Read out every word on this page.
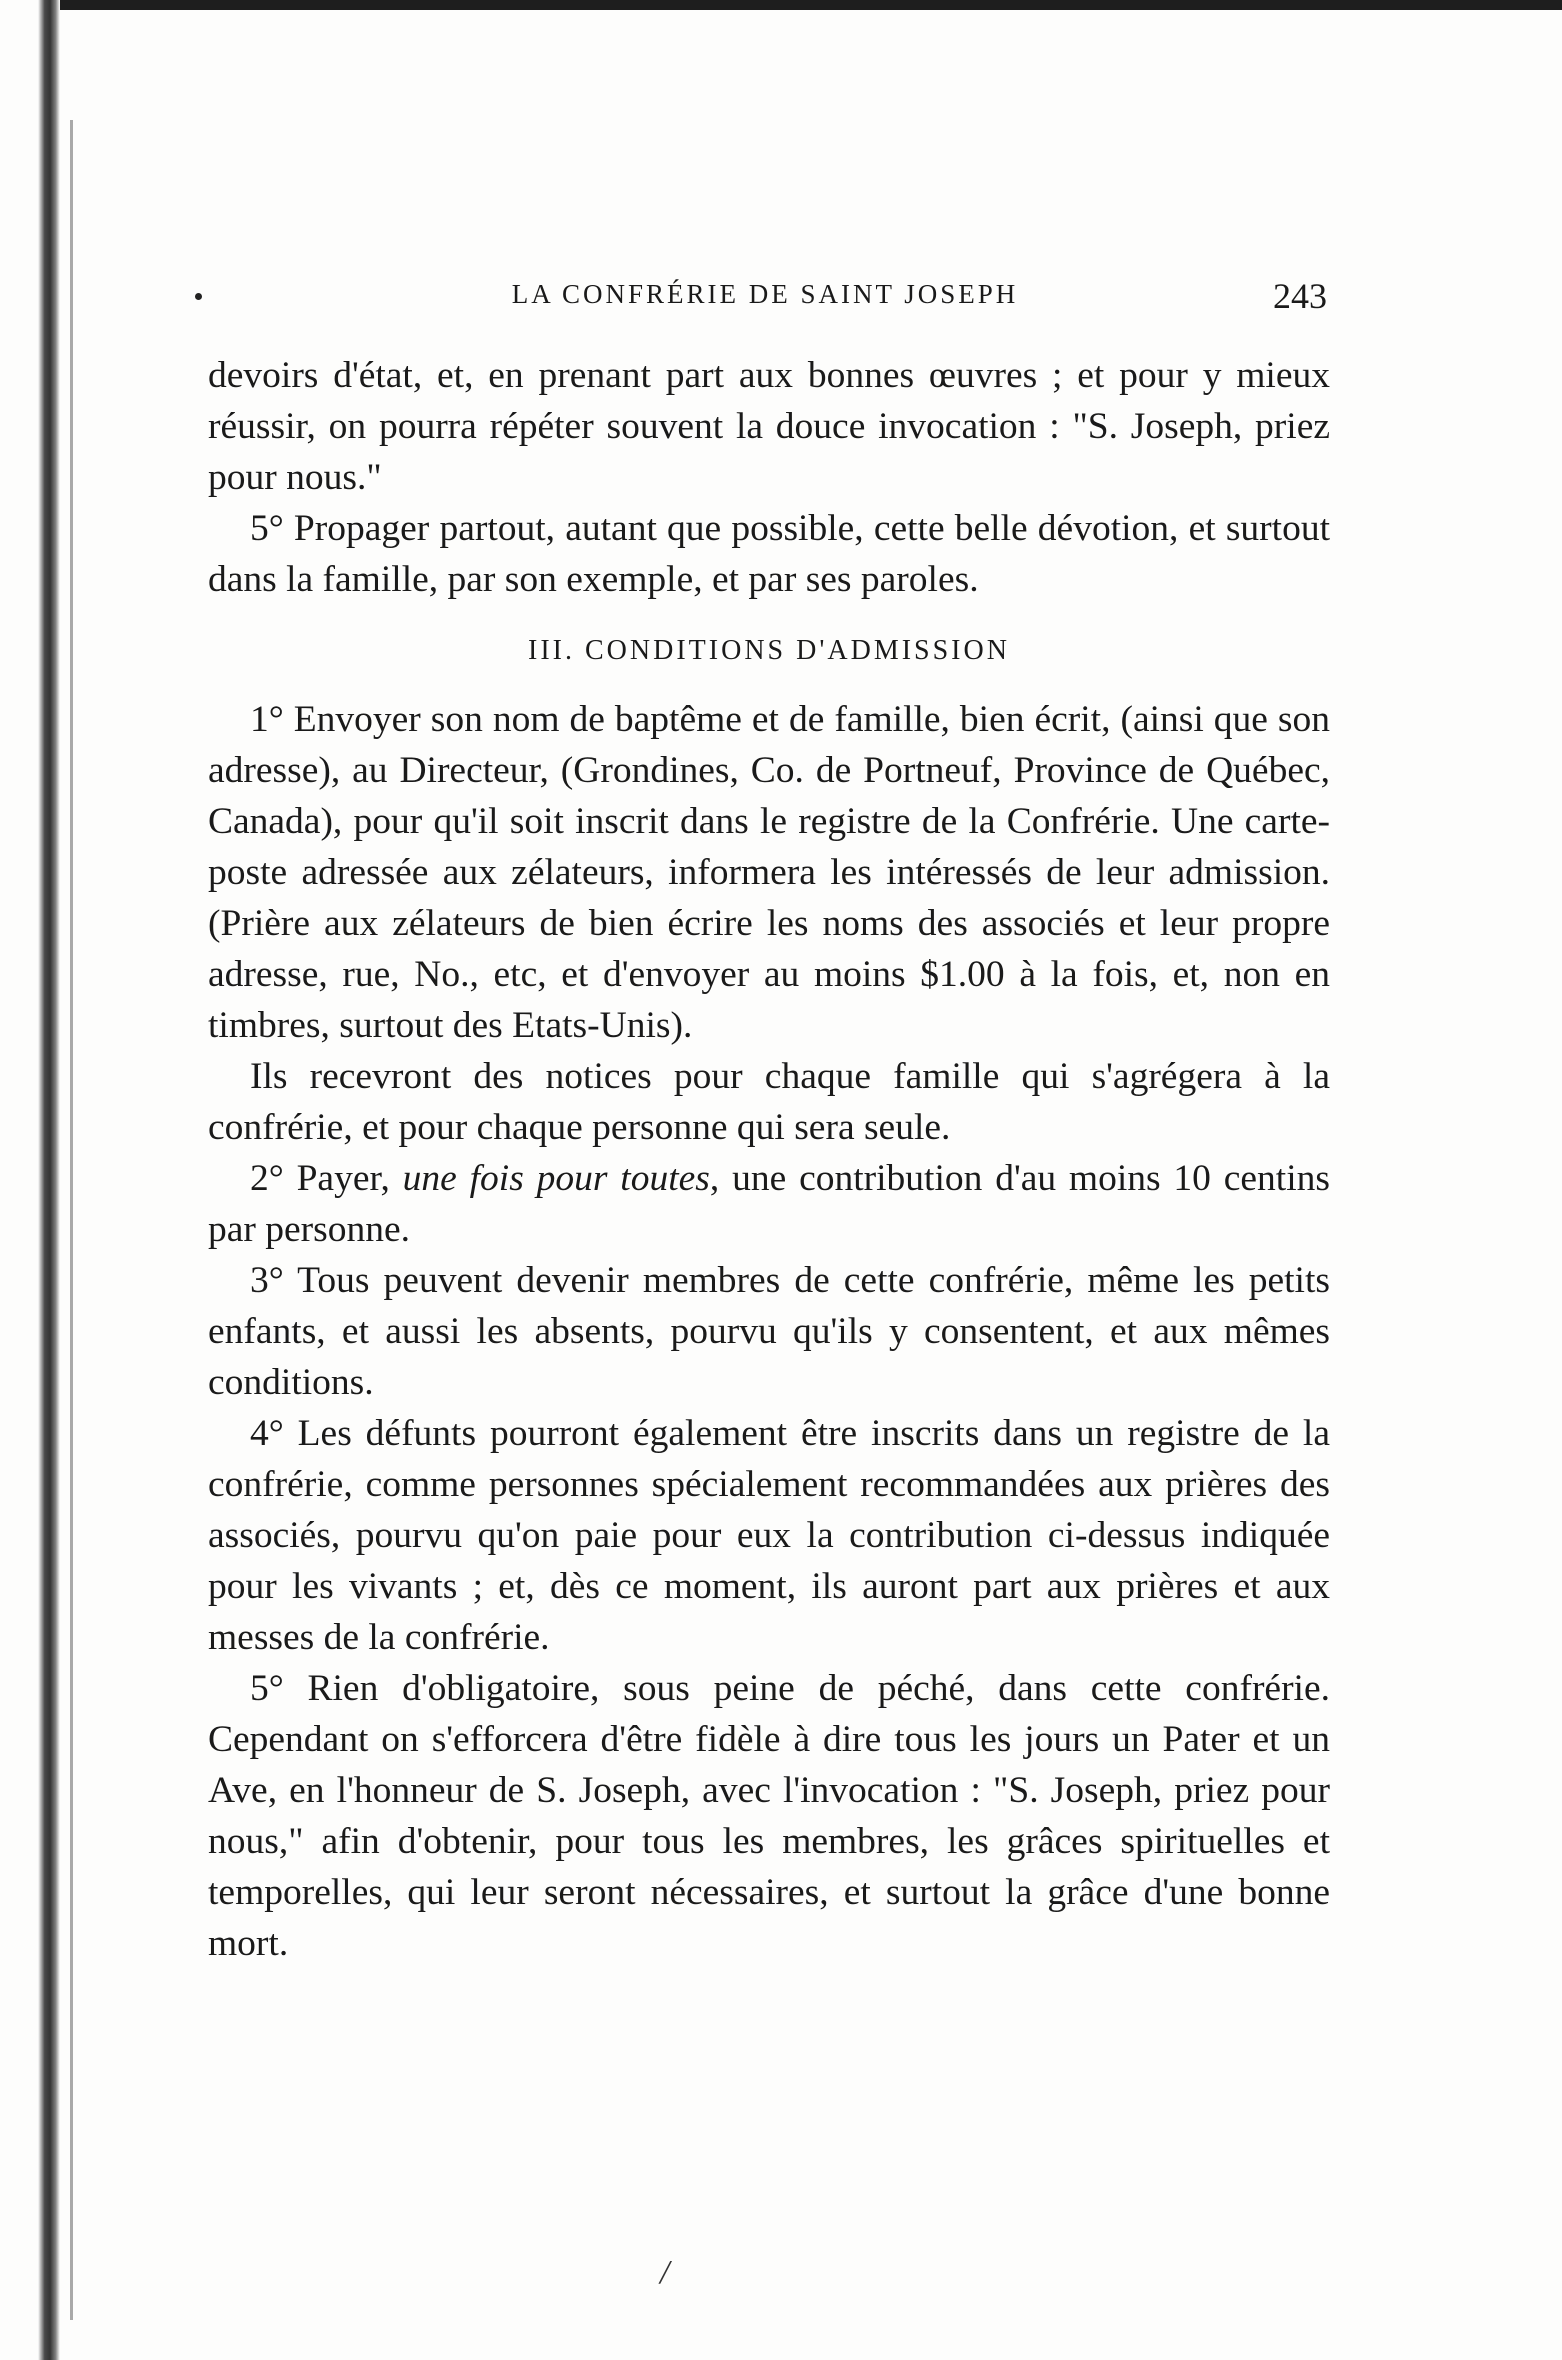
LA CONFRÉRIE DE SAINT JOSEPH	243

devoirs d'état, et, en prenant part aux bonnes œuvres ; et pour y mieux réussir, on pourra répéter souvent la douce invocation : "S. Joseph, priez pour nous."

5° Propager partout, autant que possible, cette belle dévotion, et surtout dans la famille, par son exemple, et par ses paroles.

III. CONDITIONS D'ADMISSION

1° Envoyer son nom de baptême et de famille, bien écrit, (ainsi que son adresse), au Directeur, (Grondines, Co. de Portneuf, Province de Québec, Canada), pour qu'il soit inscrit dans le registre de la Confrérie. Une carte-poste adressée aux zélateurs, informera les intéressés de leur admission. (Prière aux zélateurs de bien écrire les noms des associés et leur propre adresse, rue, No., etc, et d'envoyer au moins $1.00 à la fois, et, non en timbres, surtout des Etats-Unis).

Ils recevront des notices pour chaque famille qui s'agrégera à la confrérie, et pour chaque personne qui sera seule.

2° Payer, une fois pour toutes, une contribution d'au moins 10 centins par personne.

3° Tous peuvent devenir membres de cette confrérie, même les petits enfants, et aussi les absents, pourvu qu'ils y consentent, et aux mêmes conditions.

4° Les défunts pourront également être inscrits dans un registre de la confrérie, comme personnes spécialement recommandées aux prières des associés, pourvu qu'on paie pour eux la contribution ci-dessus indiquée pour les vivants ; et, dès ce moment, ils auront part aux prières et aux messes de la confrérie.

5° Rien d'obligatoire, sous peine de péché, dans cette confrérie. Cependant on s'efforcera d'être fidèle à dire tous les jours un Pater et un Ave, en l'honneur de S. Joseph, avec l'invocation : "S. Joseph, priez pour nous," afin d'obtenir, pour tous les membres, les grâces spirituelles et temporelles, qui leur seront nécessaires, et surtout la grâce d'une bonne mort.

/
